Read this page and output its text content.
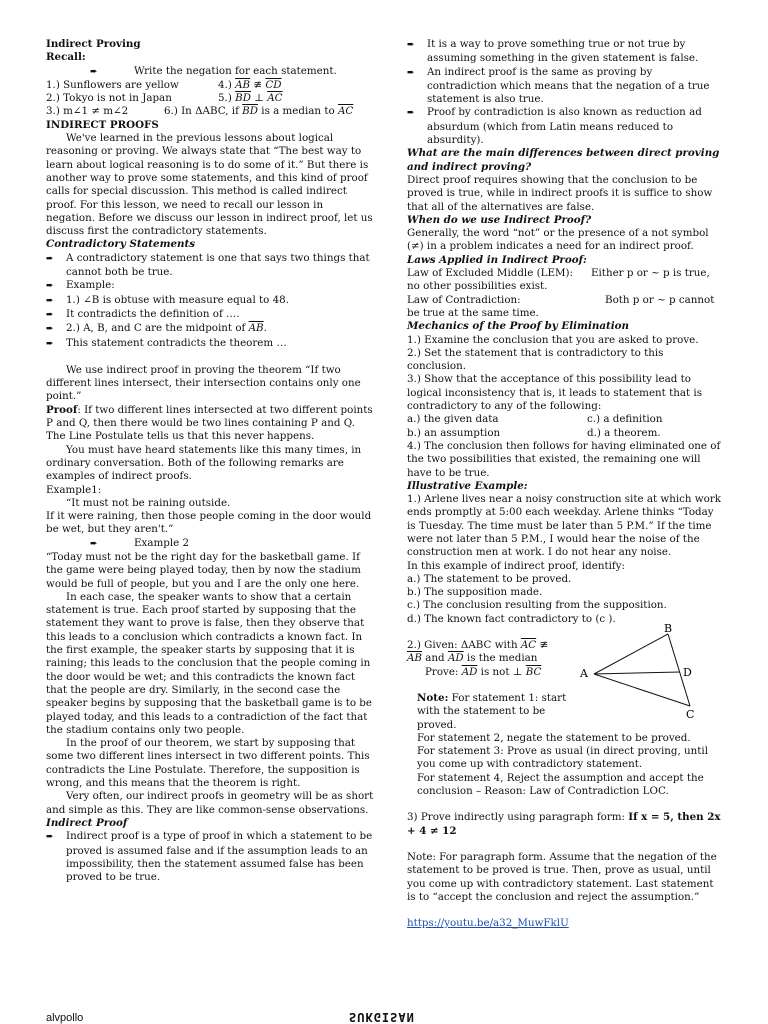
Indirect Proving

Recall:

➨ Write the negation for each statement.

1.) Sunflowers are yellow	4.) $\overline{AB}$ ≇ $\overline{CD}$
2.) Tokyo is not in Japan	5.) $\overline{BD}$ ⊥ $\overline{AC}$
3.) m∠1 ≠ m∠2	6.) In ΔABC, if $\overline{BD}$ is a median to $\overline{AC}$

INDIRECT PROOFS

We've learned in the previous lessons about logical reasoning or proving. We always state that “The best way to learn about logical reasoning is to do some of it.” But there is another way to prove some statements, and this kind of proof calls for special discussion. This method is called indirect proof. For this lesson, we need to recall our lesson in negation. Before we discuss our lesson in indirect proof, let us discuss first the contradictory statements.

Contradictory Statements

➨ A contradictory statement is one that says two things that cannot both be true.

➨ Example:

➨ 1.) ∠B is obtuse with measure equal to 48.

➨ It contradicts the definition of ….

➨ 2.) A, B, and C are the midpoint of $\overline{AB}$.

➨ This statement contradicts the theorem …

We use indirect proof in proving the theorem “If two different lines intersect, their intersection contains only one point.”

Proof: If two different lines intersected at two different points P and Q, then there would be two lines containing P and Q. The Line Postulate tells us that this never happens.

You must have heard statements like this many times, in ordinary conversation. Both of the following remarks are examples of indirect proofs.

Example1:

“It must not be raining outside.

If it were raining, then those people coming in the door would be wet, but they aren't.”

➨ Example 2

“Today must not be the right day for the basketball game. If the game were being played today, then by now the stadium would be full of people, but you and I are the only one here.

In each case, the speaker wants to show that a certain statement is true. Each proof started by supposing that the statement they want to prove is false, then they observe that this leads to a conclusion which contradicts a known fact. In the first example, the speaker starts by supposing that it is raining; this leads to the conclusion that the people coming in the door would be wet; and this contradicts the known fact that the people are dry. Similarly, in the second case the speaker begins by supposing that the basketball game is to be played today, and this leads to a contradiction of the fact that the stadium contains only two people.

In the proof of our theorem, we start by supposing that some two different lines intersect in two different points. This contradicts the Line Postulate. Therefore, the supposition is wrong, and this means that the theorem is right.

Very often, our indirect proofs in geometry will be as short and simple as this. They are like common-sense observations.

Indirect Proof

➨ Indirect proof is a type of proof in which a statement to be proved is assumed false and if the assumption leads to an impossibility, then the statement assumed false has been proved to be true.

➨ It is a way to prove something true or not true by assuming something in the given statement is false.

➨ An indirect proof is the same as proving by contradiction which means that the negation of a true statement is also true.

➨ Proof by contradiction is also known as reduction ad absurdum (which from Latin means reduced to absurdity).

What are the main differences between direct proving and indirect proving?

Direct proof requires showing that the conclusion to be proved is true, while in indirect proofs it is suffice to show that all of the alternatives are false.

When do we use Indirect Proof?

Generally, the word “not” or the presence of a not symbol (≠) in a problem indicates a need for an indirect proof.

Laws Applied in Indirect Proof:

Law of Excluded Middle (LEM):	Either p or ~ p is true,

no other possibilities exist.

Law of Contradiction:	Both p or ~ p cannot

be true at the same time.

Mechanics of the Proof by Elimination

1.) Examine the conclusion that you are asked to prove.

2.) Set the statement that is contradictory to this conclusion.

3.) Show that the acceptance of this possibility lead to logical inconsistency that is, it leads to statement that is contradictory to any of the following:

a.) the given data	c.) a definition
b.) an assumption	d.) a theorem.

4.) The conclusion then follows for having eliminated one of the two possibilities that existed, the remaining one will have to be true.

Illustrative Example:

1.) Arlene lives near a noisy construction site at which work ends promptly at 5:00 each weekday. Arlene thinks “Today is Tuesday. The time must be later than 5 P.M.” If the time were not later than 5 P.M., I would hear the noise of the construction men at work. I do not hear any noise.

In this example of indirect proof, identify:

a.) The statement to be proved.

b.) The supposition made.

c.) The conclusion resulting from the supposition.

d.) The known fact contradictory to (c ).

2.) Given: ΔABC with $\overline{AC}$ ≇

$\overline{AB}$ and $\overline{AD}$ is the median

Prove: $\overline{AD}$ is not ⊥ $\overline{BC}$

Note: For statement 1: start with the statement to be proved.

For statement 2, negate the statement to be proved.

For statement 3: Prove as usual (in direct proving, until you come up with contradictory statement.

For statement 4, Reject the assumption and accept the conclusion – Reason: Law of Contradiction LOC.

3) Prove indirectly using paragraph form: If x = 5, then 2x + 4 ≠ 12

Note: For paragraph form. Assume that the negation of the statement to be proved is true. Then, prove as usual, until you come up with contradictory statement. Last statement is to “accept the conclusion and reject the assumption.”

https://youtu.be/a32_MuwFklU

A
B
C
D
alvpollo	SUKGISAN
